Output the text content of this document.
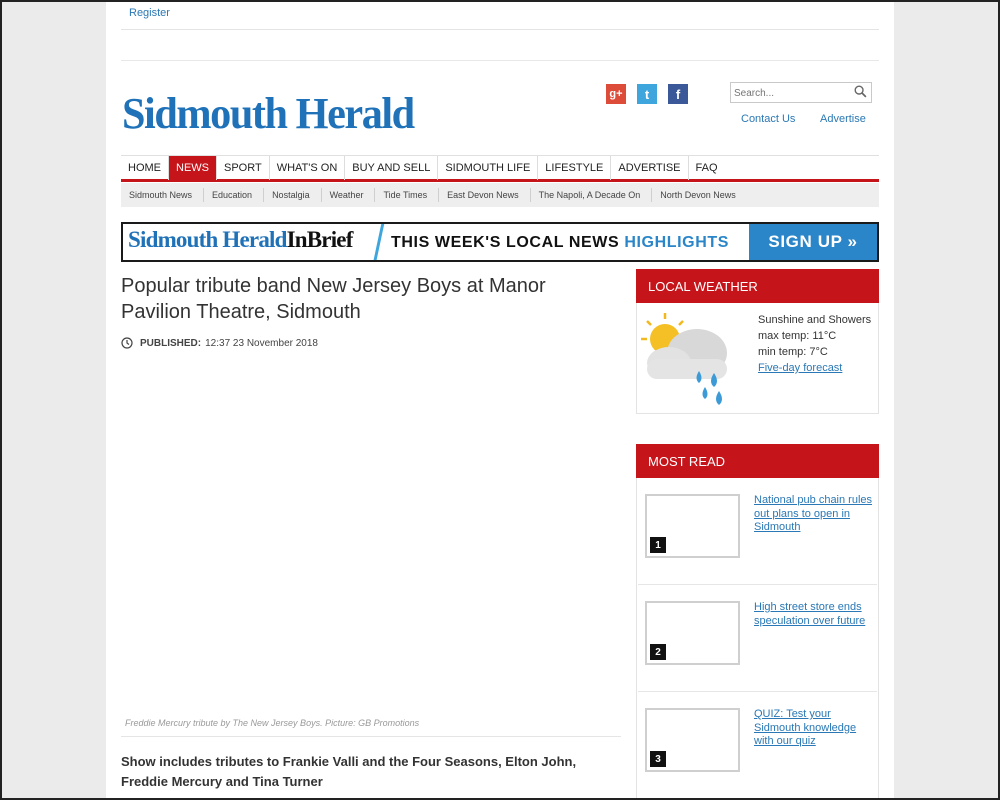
Register
Sidmouth Herald	g+	t	f
Search...
Contact Us Advertise
HOME	NEWS	SPORT	WHAT'S ON	BUY AND SELL	SIDMOUTH LIFE	LIFESTYLE	ADVERTISE	FAQ
Sidmouth News	Education	Nostalgia	Weather	Tide Times	East Devon News	The Napoli, A Decade On	North Devon News
Sidmouth HeraldInBrief THIS WEEK'S LOCAL NEWS HIGHLIGHTS	SIGN UP »
Popular tribute band New Jersey Boys at Manor Pavilion Theatre, Sidmouth
PUBLISHED: 12:37 23 November 2018
Freddie Mercury tribute by The New Jersey Boys. Picture: GB Promotions

Show includes tributes to Frankie Valli and the Four Seasons, Elton John, Freddie Mercury and Tina Turner

LOCAL WEATHER
Sunshine and Showers
max temp: 11°C
min temp: 7°C
Five-day forecast
MOST READ
1
National pub chain rules out plans to open in Sidmouth
2
High street store ends speculation over future
3
QUIZ: Test your Sidmouth knowledge with our quiz
